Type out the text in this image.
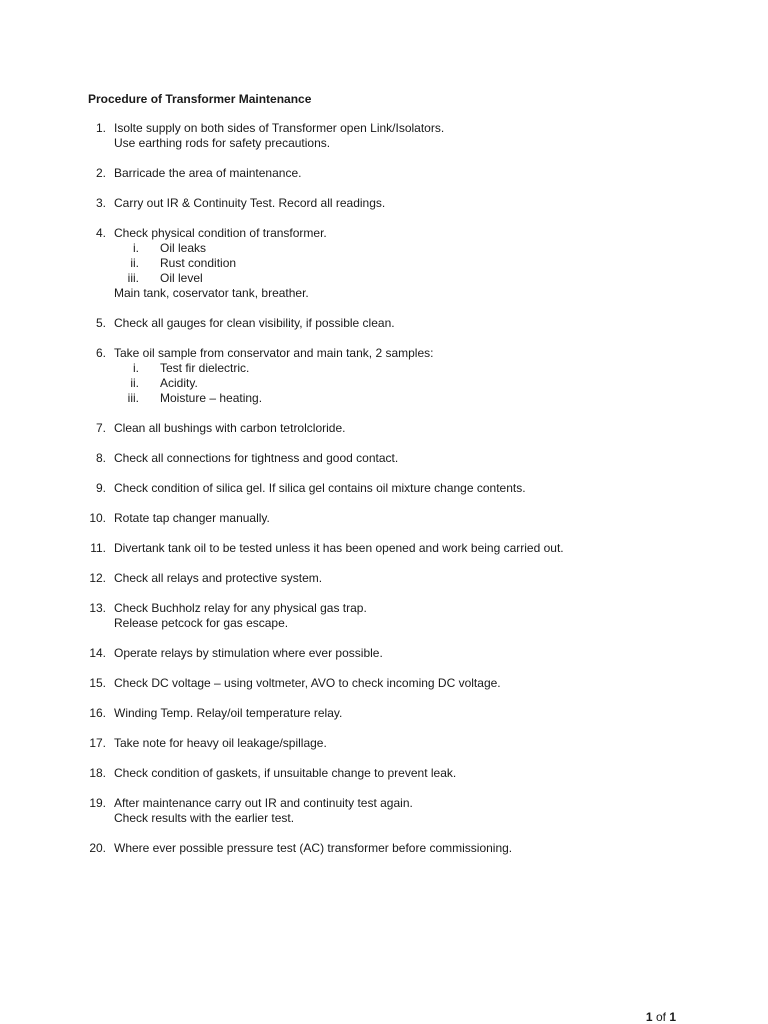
Procedure of Transformer Maintenance
1. Isolte supply on both sides of Transformer open Link/Isolators.
Use earthing rods for safety precautions.
2. Barricade the area of maintenance.
3. Carry out IR & Continuity Test. Record all readings.
4. Check physical condition of transformer.
i. Oil leaks
ii. Rust condition
iii. Oil level
Main tank, coservator tank, breather.
5. Check all gauges for clean visibility, if possible clean.
6. Take oil sample from conservator and main tank, 2 samples:
i. Test fir dielectric.
ii. Acidity.
iii. Moisture – heating.
7. Clean all bushings with carbon tetrolcloride.
8. Check all connections for tightness and good contact.
9. Check condition of silica gel. If silica gel contains oil mixture change contents.
10. Rotate tap changer manually.
11. Divertank tank oil to be tested unless it has been opened and work being carried out.
12. Check all relays and protective system.
13. Check Buchholz relay for any physical gas trap.
Release petcock for gas escape.
14. Operate relays by stimulation where ever possible.
15. Check DC voltage – using voltmeter, AVO to check incoming DC voltage.
16. Winding Temp. Relay/oil temperature relay.
17. Take note for heavy oil leakage/spillage.
18. Check condition of gaskets, if unsuitable change to prevent leak.
19. After maintenance carry out IR and continuity test again.
Check results with the earlier test.
20. Where ever possible pressure test (AC) transformer before commissioning.
1 of 1
